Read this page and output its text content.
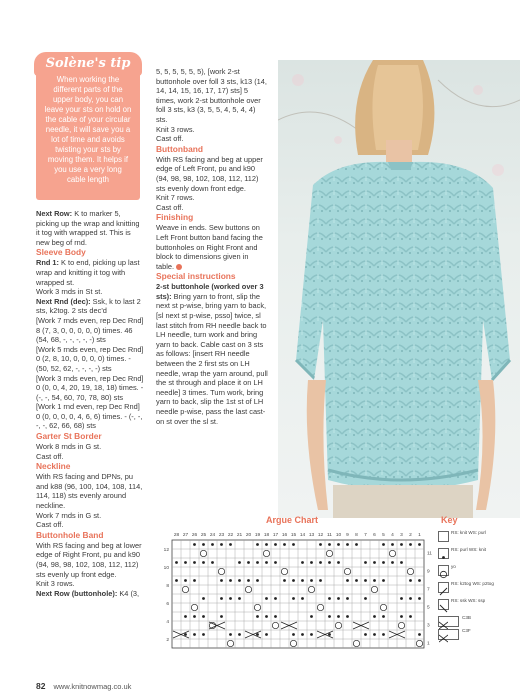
Solène's tip
When working the different parts of the upper body, you can leave your sts on hold on the cable of your circular needle, it will save you a lot of time and avoids twisting your sts by moving them. It helps if you use a very long cable length

Next Row: K to marker 5, picking up the wrap and knitting it tog with wrapped st. This is new beg of rnd.

Sleeve Body

Rnd 1: K to end, picking up last wrap and knitting it tog with wrapped st.

Work 3 rnds in St st.

Next Rnd (dec): Ssk, k to last 2 sts, k2tog. 2 sts dec'd

[Work 7 rnds even, rep Dec Rnd] 8 (7, 3, 0, 0, 0, 0, 0) times. 46 (54, 68, -, -, -, -, -) sts

[Work 5 rnds even, rep Dec Rnd] 0 (2, 8, 10, 0, 0, 0, 0) times. - (50, 52, 62, -, -, -, -) sts

[Work 3 rnds even, rep Dec Rnd] 0 (0, 0, 4, 20, 19, 18, 18) times. - (-, -, 54, 60, 70, 78, 80) sts

[Work 1 rnd even, rep Dec Rnd] 0 (0, 0, 0, 0, 4, 6, 6) times. - (-, -, -, -, 62, 66, 68) sts

Garter St Border

Work 8 rnds in G st.

Cast off.

Neckline

With RS facing and DPNs, pu and k88 (96, 100, 104, 108, 114, 114, 118) sts evenly around neckline.

Work 7 rnds in G st.

Cast off.

Buttonhole Band

With RS facing and beg at lower edge of Right Front, pu and k90 (94, 98, 98, 102, 108, 112, 112) sts evenly up front edge.

Knit 3 rows.

Next Row (buttonhole): K4 (3,

5, 5, 5, 5, 5, 5), [work 2-st buttonhole over foll 3 sts, k13 (14, 14, 14, 15, 16, 17, 17) sts] 5 times, work 2-st buttonhole over foll 3 sts, k3 (3, 5, 5, 4, 5, 4, 4) sts.

Knit 3 rows.

Cast off.

Buttonband

With RS facing and beg at upper edge of Left Front, pu and k90 (94, 98, 98, 102, 108, 112, 112) sts evenly down front edge.

Knit 7 rows.

Cast off.

Finishing

Weave in ends. Sew buttons on Left Front button band facing the buttonholes on Right Front and block to dimensions given in table.

Special instructions

2-st buttonhole (worked over 3 sts): Bring yarn to front, slip the next st p-wise, bring yarn to back, [sl next st p-wise, psso] twice, sl last stitch from RH needle back to LH needle, turn work and bring yarn to back. Cable cast on 3 sts as follows: [insert RH needle between the 2 first sts on LH needle, wrap the yarn around, pull the st through and place it on LH needle] 3 times. Turn work, bring yarn to back, slip the 1st st of LH needle p-wise, pass the last cast-on st over the sl st.

Argue Chart
28 27 26 25 24 23 22 21 20 19 18 17 16 15 14 13 12 11 10 9 8 7 6 5 4 3 2 1
12
10
8
6
4
2
11
9
7
5
3
1
Key
RS: knit WS: purl
RS: purl WS: knit
yo
RS: k2tog WS: p2tog
RS: ssk WS: ssp
C3B
C3F
82 www.knitnowmag.co.uk
